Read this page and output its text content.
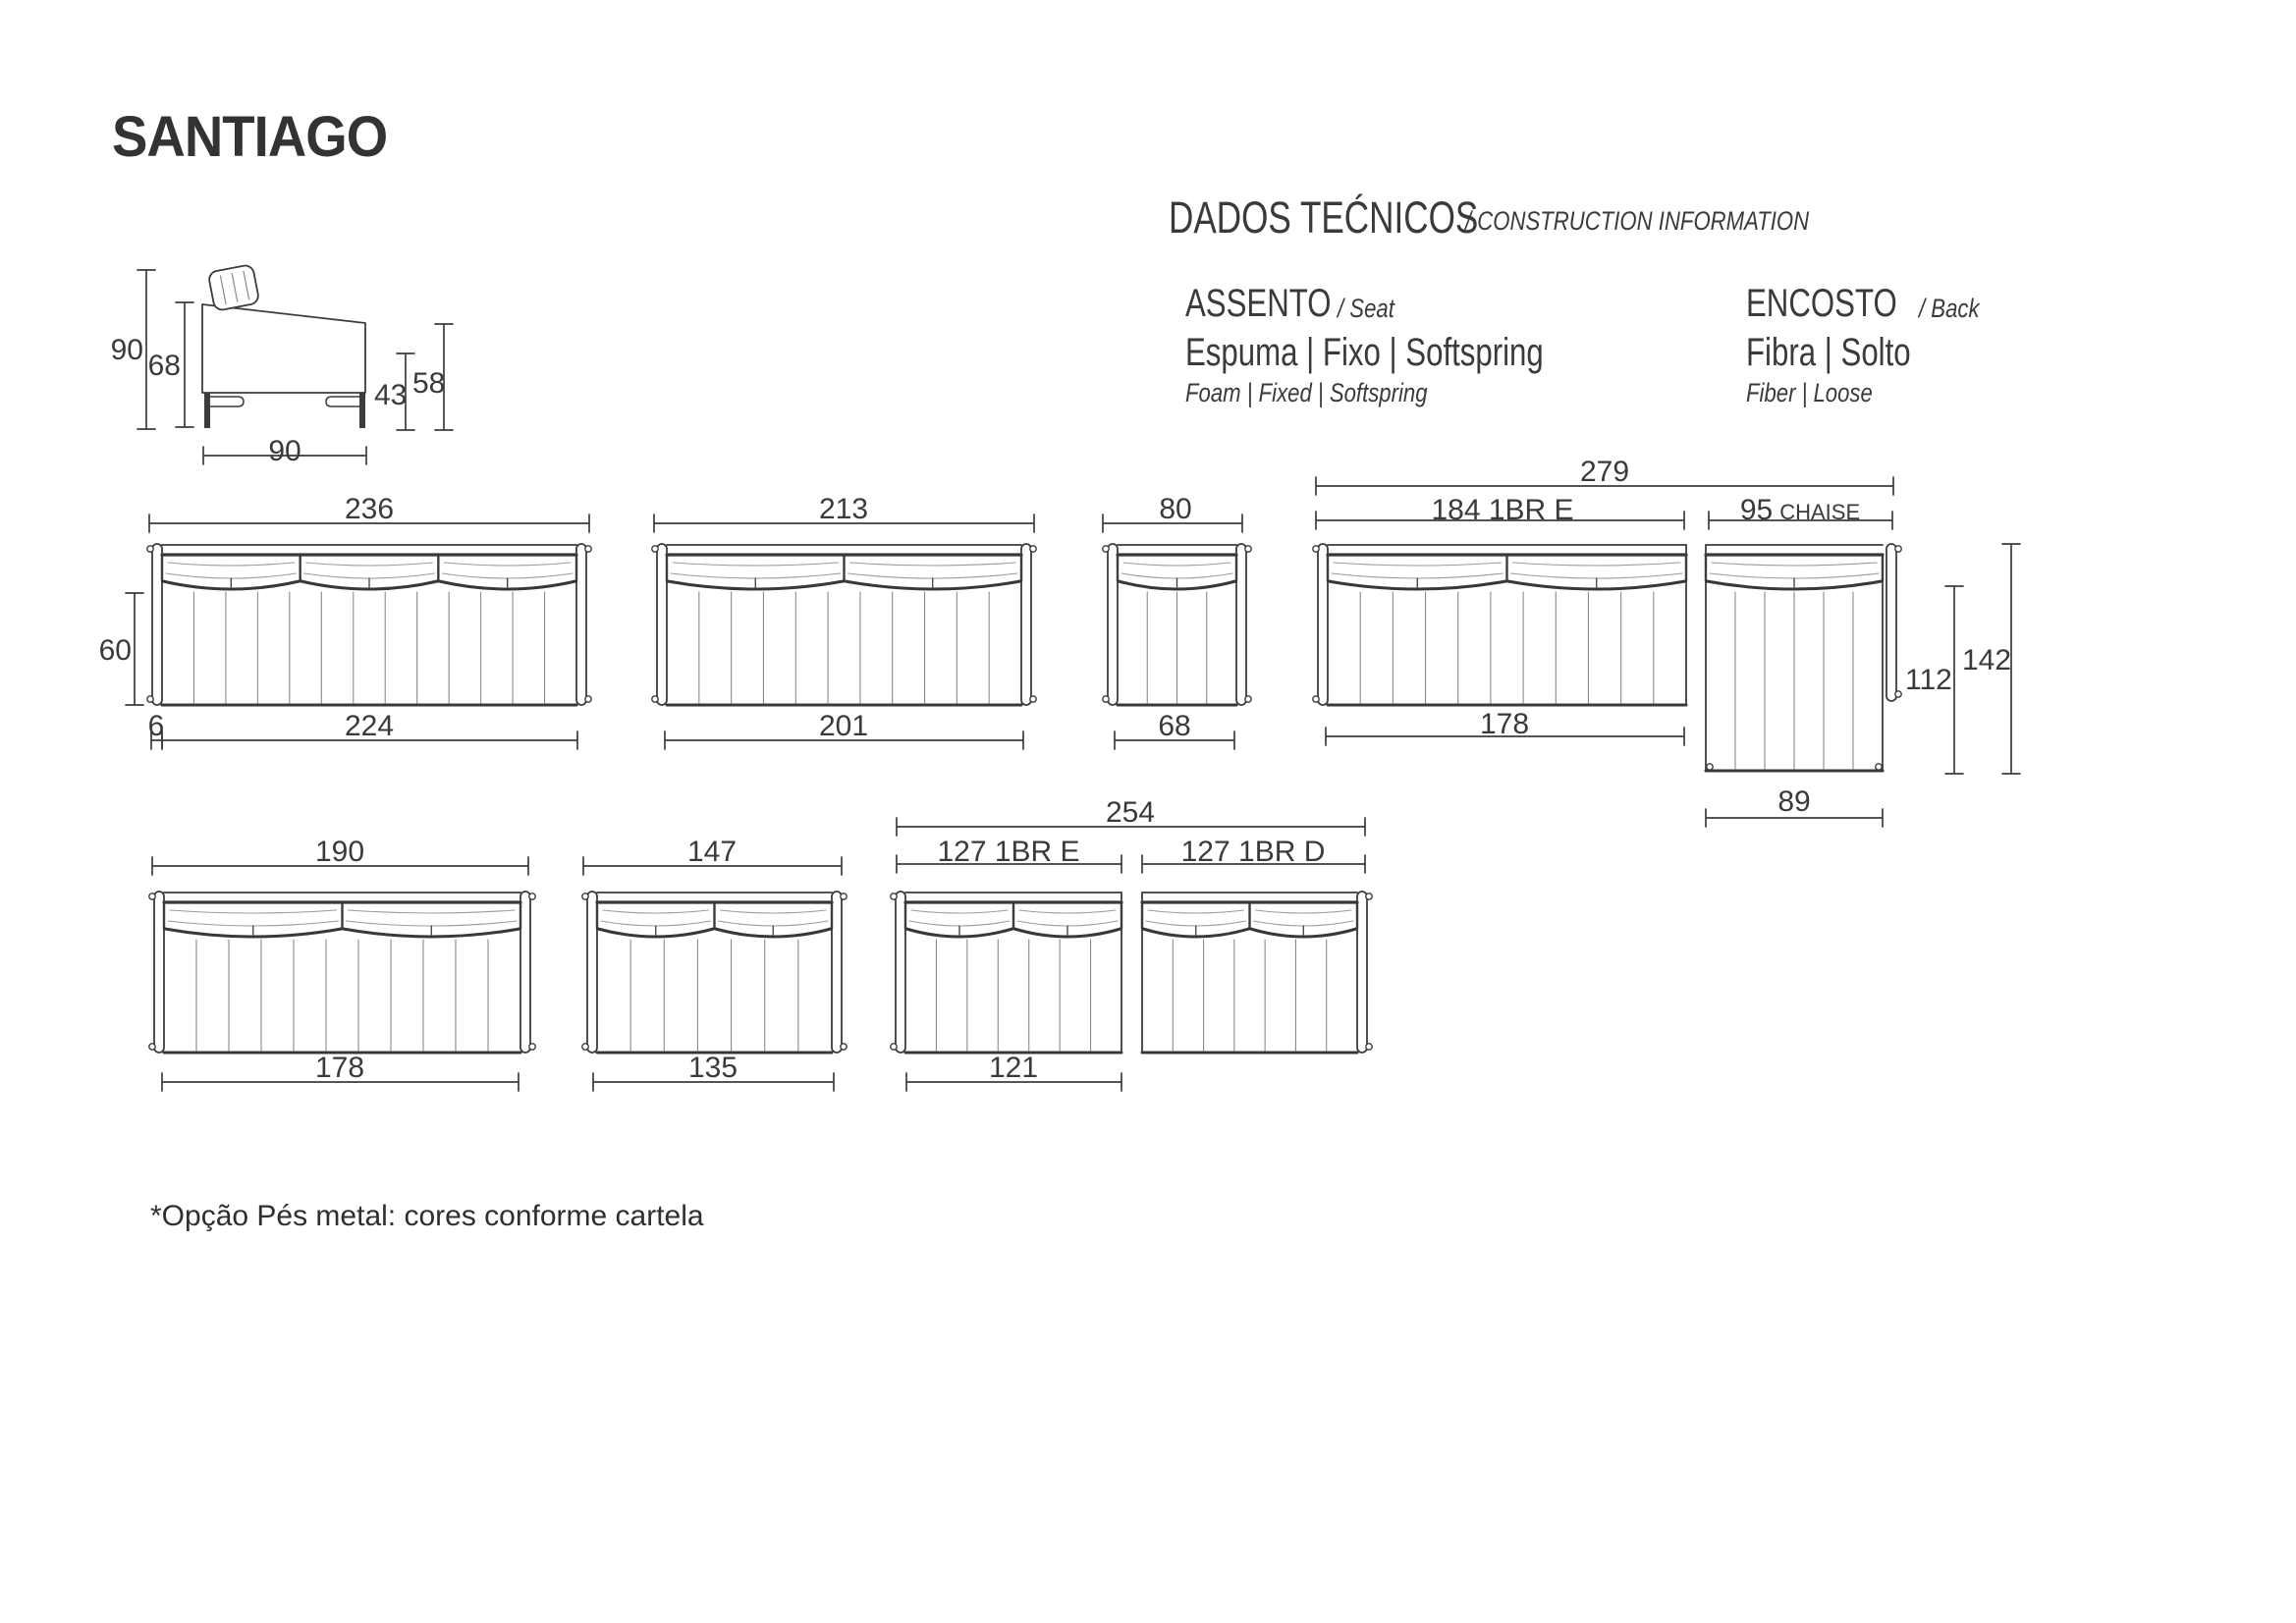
SANTIAGO
DADOS TEĆNICOS
/ CONSTRUCTION INFORMATION
ASSENTO / Seat
Espuma | Fixo | Softspring
Foam | Fixed | Softspring
ENCOSTO / Back
Fibra | Solto
Fiber | Loose
90 68
43 58
90
236
60
6	224
213
201
80
68
279
184 1BR E	95 CHAISE
178
89
112
142
190
178
147
135
254
127 1BR E	127 1BR D
121
*Opção Pés metal: cores conforme cartela
